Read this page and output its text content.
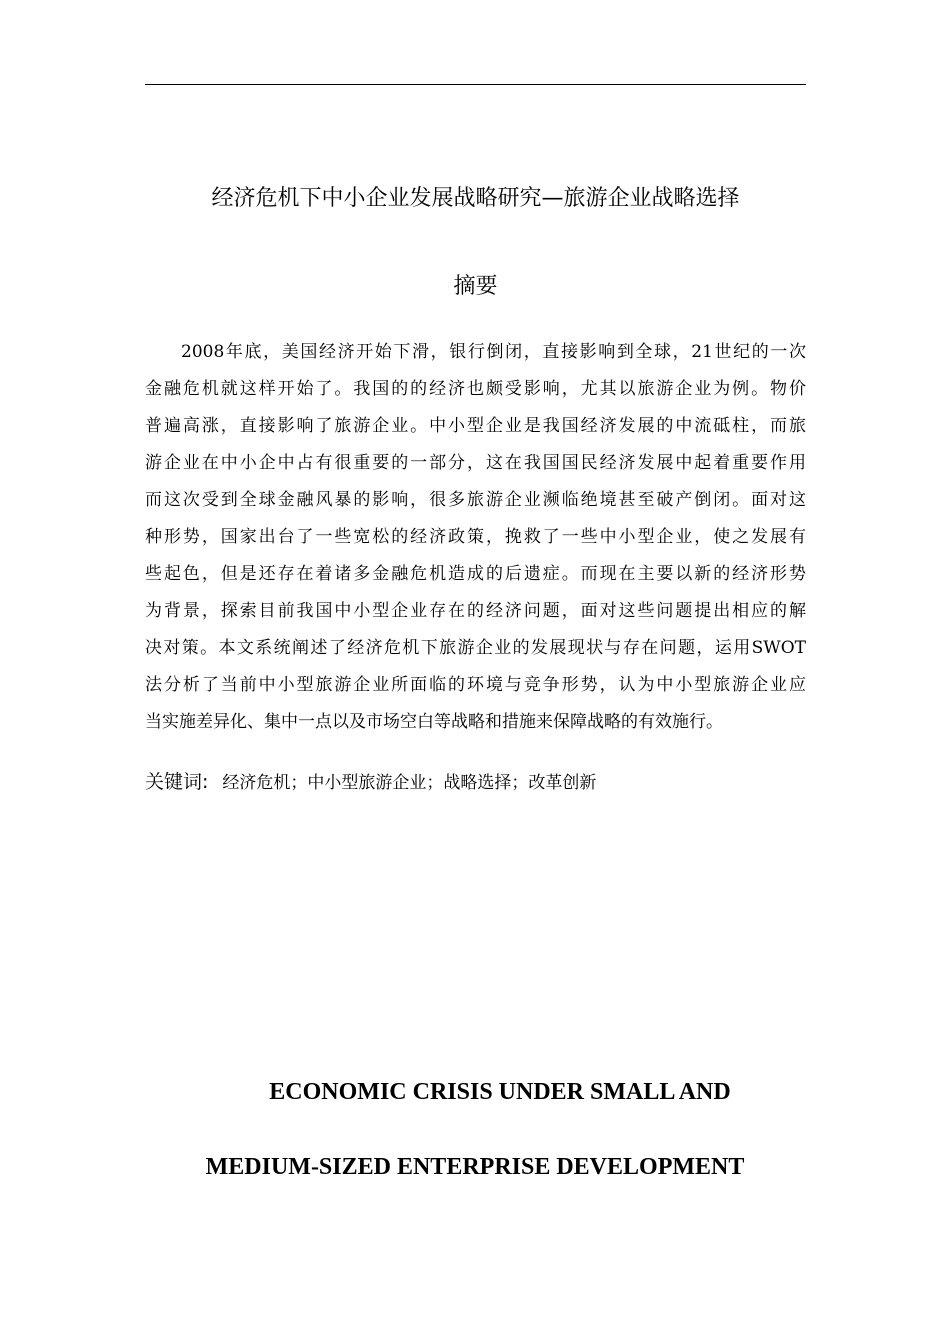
经济危机下中小企业发展战略研究—旅游企业战略选择
摘要
2008年底，美国经济开始下滑，银行倒闭，直接影响到全球，21世纪的一次
金融危机就这样开始了。我国的的经济也颇受影响，尤其以旅游企业为例。物价
普遍高涨，直接影响了旅游企业。中小型企业是我国经济发展的中流砥柱，而旅
游企业在中小企中占有很重要的一部分，这在我国国民经济发展中起着重要作用
而这次受到全球金融风暴的影响，很多旅游企业濒临绝境甚至破产倒闭。面对这
种形势，国家出台了一些宽松的经济政策，挽救了一些中小型企业，使之发展有
些起色，但是还存在着诸多金融危机造成的后遗症。而现在主要以新的经济形势
为背景，探索目前我国中小型企业存在的经济问题，面对这些问题提出相应的解
决对策。本文系统阐述了经济危机下旅游企业的发展现状与存在问题，运用SWOT
法分析了当前中小型旅游企业所面临的环境与竞争形势，认为中小型旅游企业应
当实施差异化、集中一点以及市场空白等战略和措施来保障战略的有效施行。
关键词: 经济危机；中小型旅游企业；战略选择；改革创新
ECONOMIC CRISIS UNDER SMALL AND
MEDIUM-SIZED ENTERPRISE DEVELOPMENT
